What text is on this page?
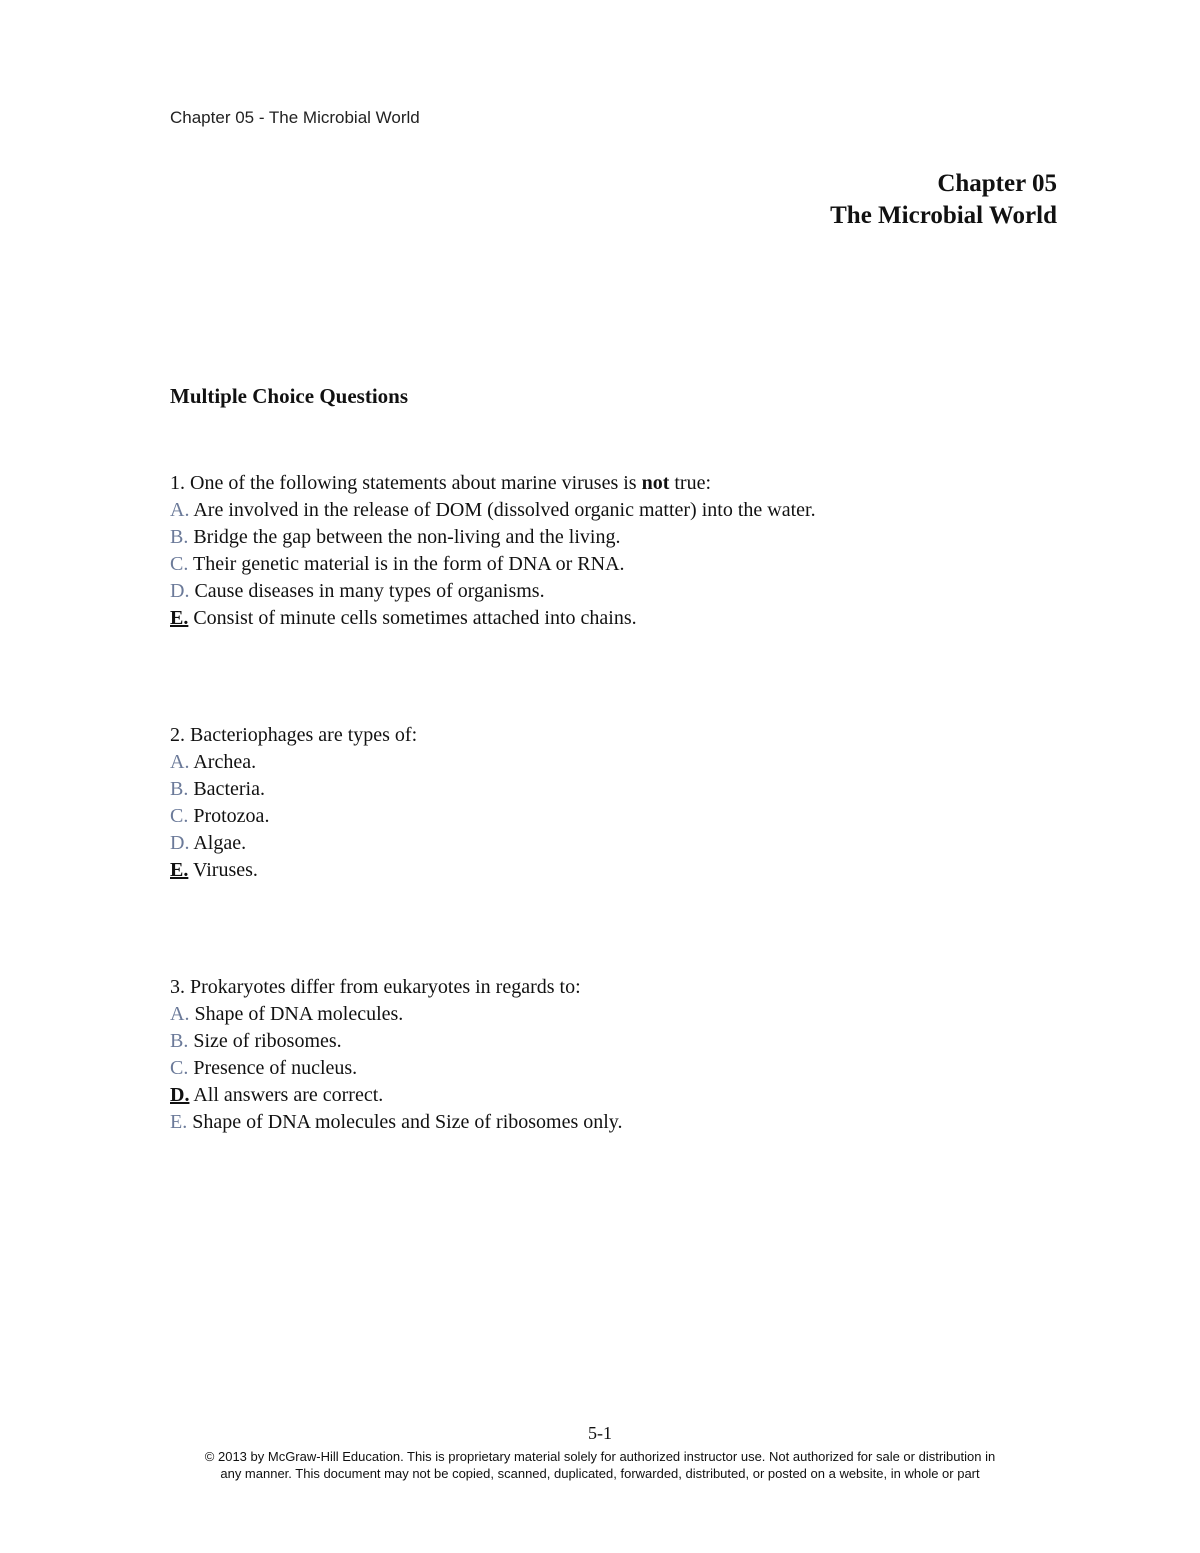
Chapter 05 - The Microbial World
Chapter 05
The Microbial World
Multiple Choice Questions
1. One of the following statements about marine viruses is not true:
A. Are involved in the release of DOM (dissolved organic matter) into the water.
B. Bridge the gap between the non-living and the living.
C. Their genetic material is in the form of DNA or RNA.
D. Cause diseases in many types of organisms.
E. Consist of minute cells sometimes attached into chains.
2. Bacteriophages are types of:
A. Archea.
B. Bacteria.
C. Protozoa.
D. Algae.
E. Viruses.
3. Prokaryotes differ from eukaryotes in regards to:
A. Shape of DNA molecules.
B. Size of ribosomes.
C. Presence of nucleus.
D. All answers are correct.
E. Shape of DNA molecules and Size of ribosomes only.
5-1
© 2013 by McGraw-Hill Education. This is proprietary material solely for authorized instructor use. Not authorized for sale or distribution in
any manner. This document may not be copied, scanned, duplicated, forwarded, distributed, or posted on a website, in whole or part
